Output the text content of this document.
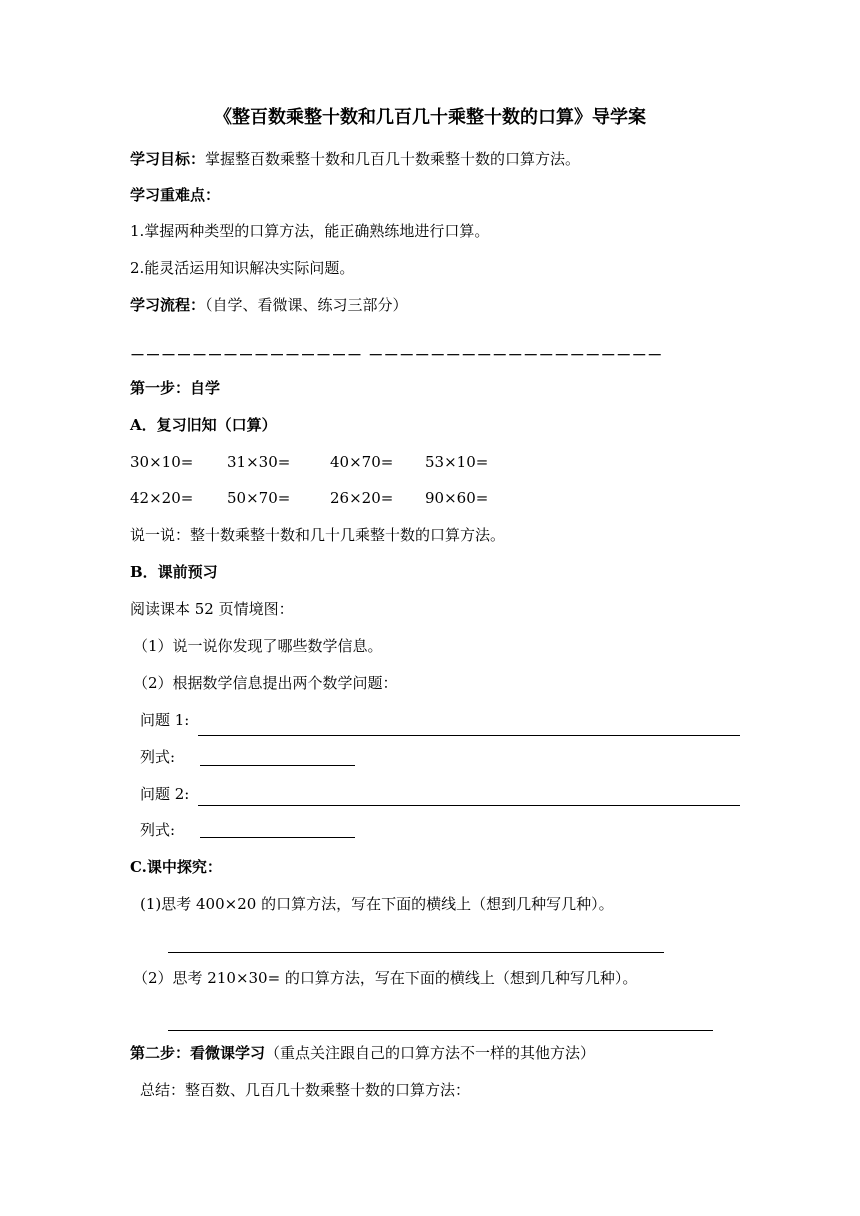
《整百数乘整十数和几百几十乘整十数的口算》导学案
学习目标：掌握整百数乘整十数和几百几十数乘整十数的口算方法。
学习重难点：
1.掌握两种类型的口算方法，能正确熟练地进行口算。
2.能灵活运用知识解决实际问题。
学习流程：（自学、看微课、练习三部分）
－－－－－－－－－－－－－－－ －－－－－－－－－－－－－－－－－－－
第一步：自学
A．复习旧知（口算）
30×10= 31×30=	40×70= 53×10=
42×20= 50×70=	26×20= 90×60=
说一说：整十数乘整十数和几十几乘整十数的口算方法。
B．课前预习
阅读课本 52 页情境图：
（1）说一说你发现了哪些数学信息。
（2）根据数学信息提出两个数学问题：
问题 1:
列式:
问题 2:
列式:
C.课中探究：
(1)思考 400×20 的口算方法，写在下面的横线上（想到几种写几种）。
（2）思考 210×30= 的口算方法，写在下面的横线上（想到几种写几种）。
第二步：看微课学习（重点关注跟自己的口算方法不一样的其他方法）
总结：整百数、几百几十数乘整十数的口算方法：
